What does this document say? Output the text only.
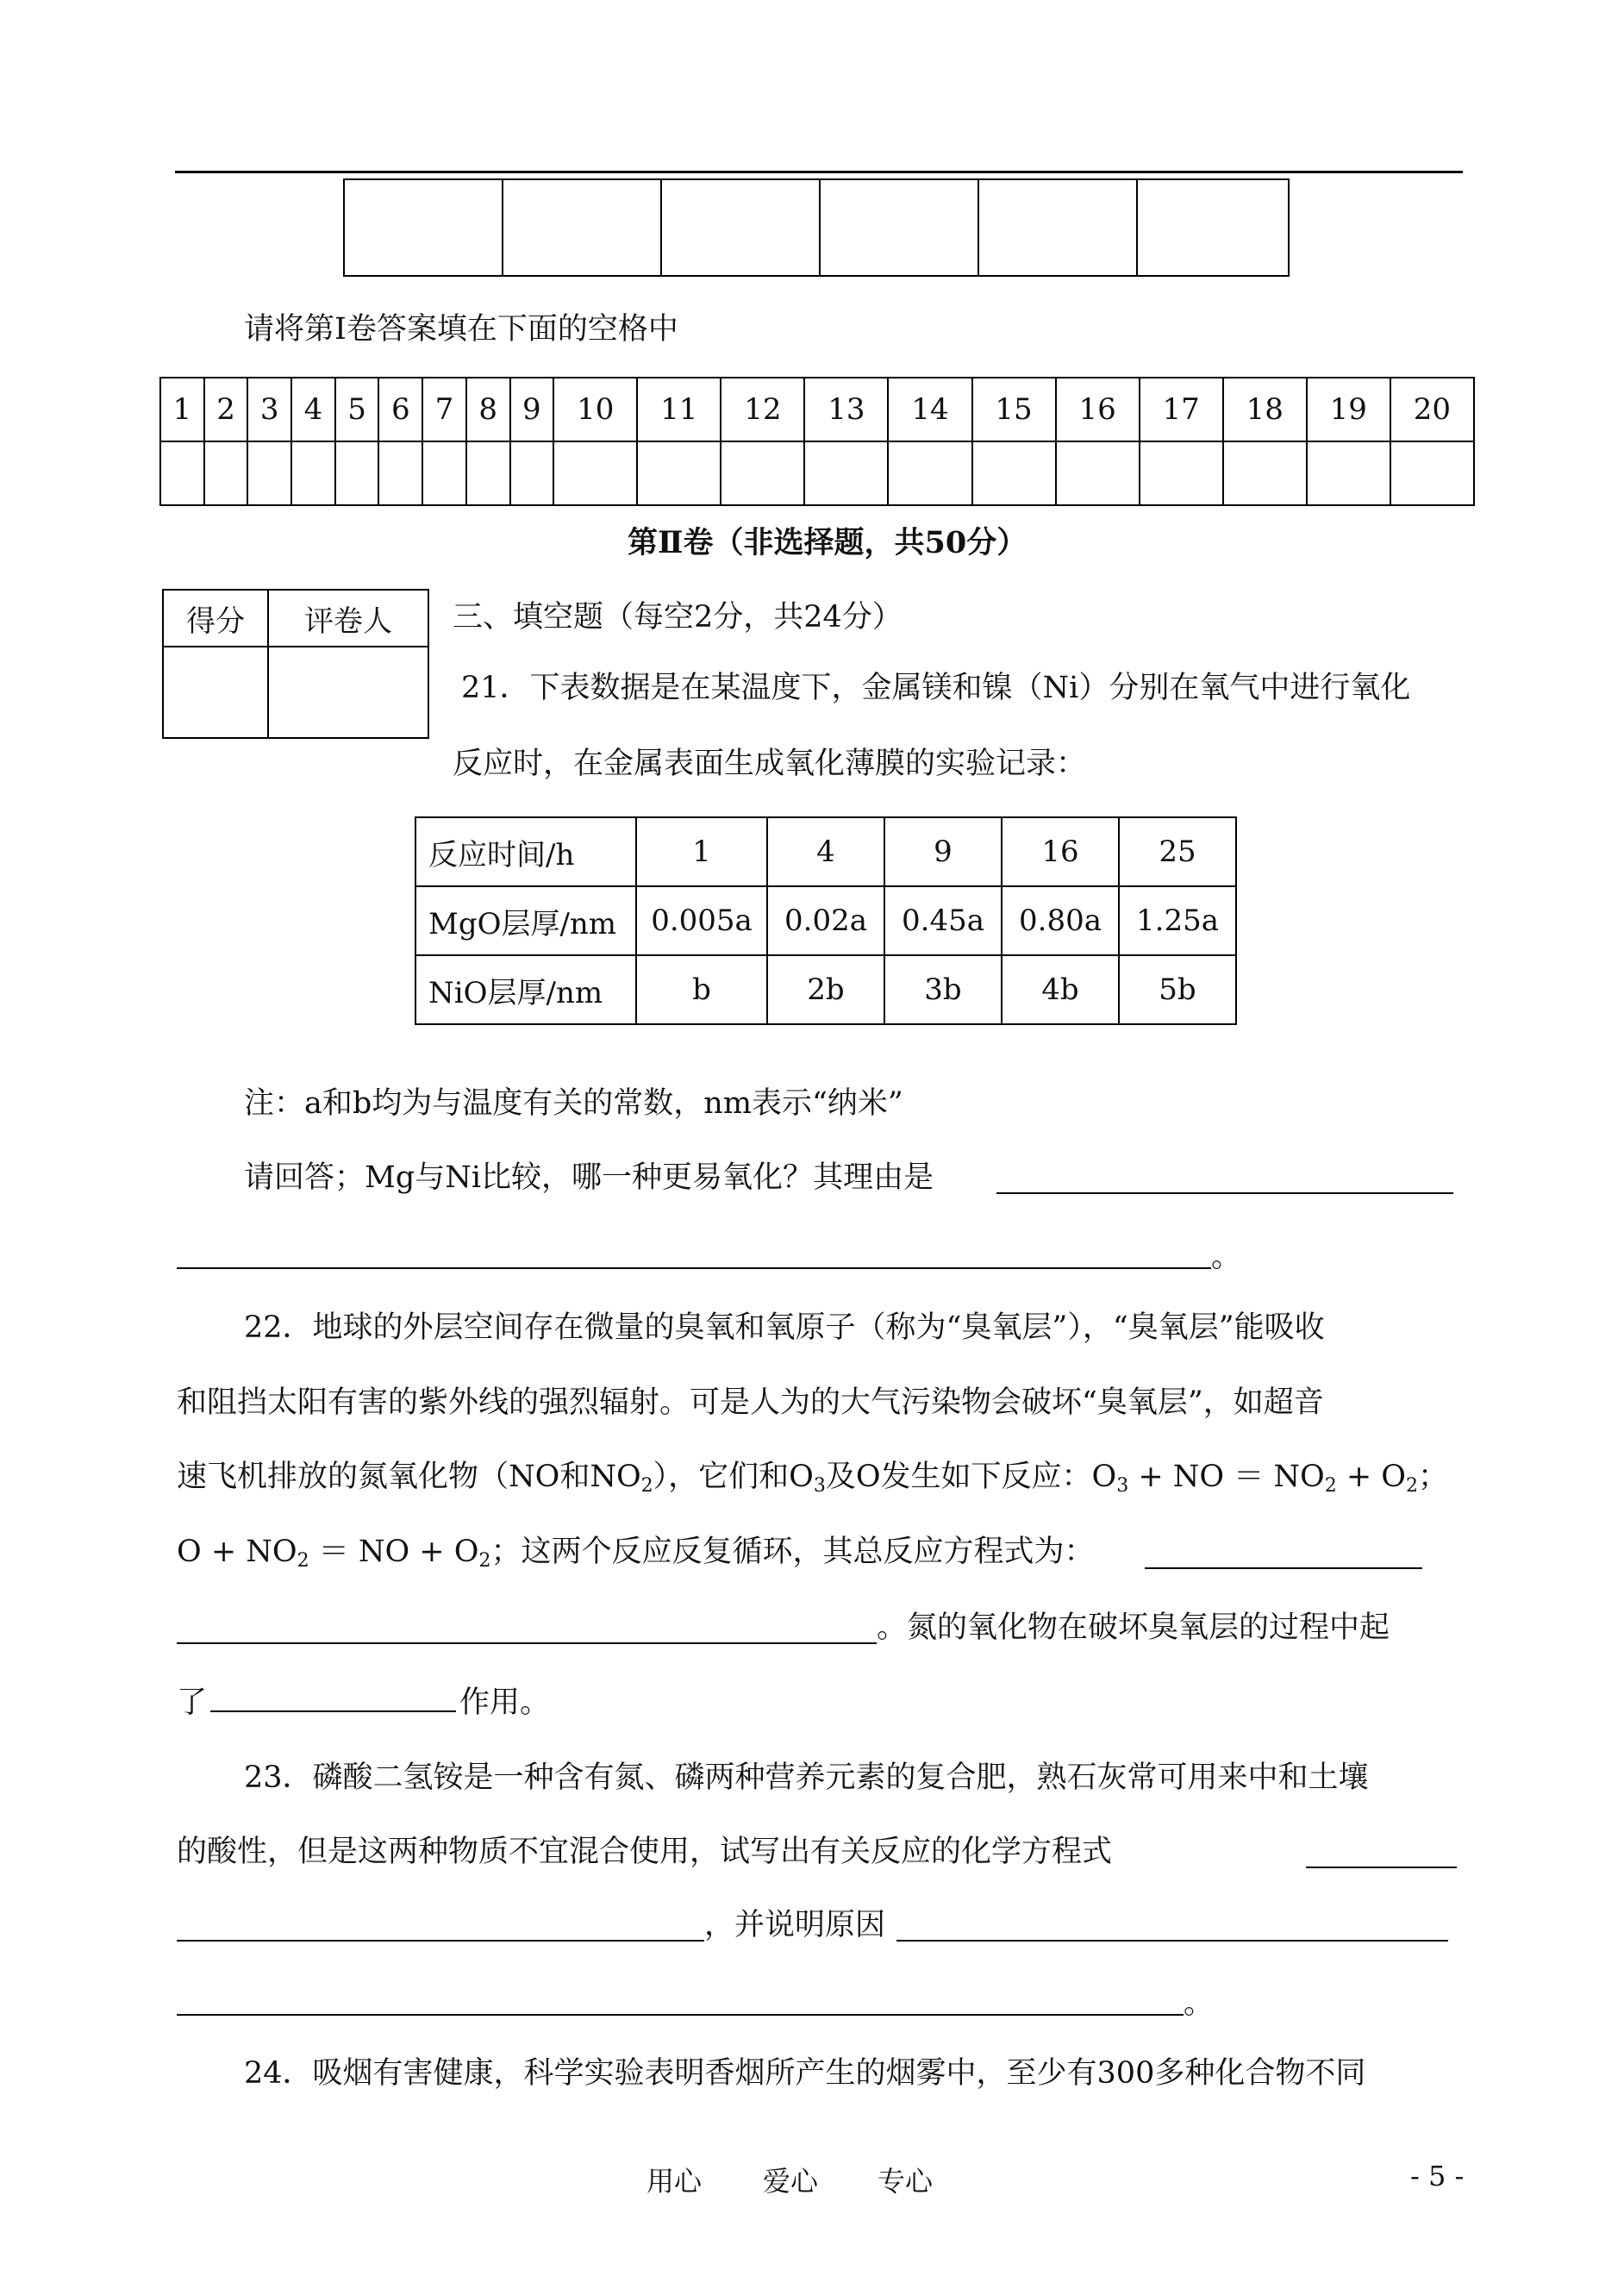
请将第Ⅰ卷答案填在下面的空格中
1	2	3	4	5	6	7	8	9	10	11	12	13	14	15	16	17	18	19	20

第Ⅱ卷（非选择题，共50分）
得分	评卷人
	三、填空题（每空2分，共24分）
21．下表数据是在某温度下，金属镁和镍（Ni）分别在氧气中进行氧化
反应时，在金属表面生成氧化薄膜的实验记录：
反应时间/h	1	4	9	16	25
MgO层厚/nm	0.005a	0.02a	0.45a	0.80a	1.25a
NiO层厚/nm	b	2b	3b	4b	5b
注：a和b均为与温度有关的常数，nm表示“纳米”
请回答；Mg与Ni比较，哪一种更易氧化？其理由是
。
22．地球的外层空间存在微量的臭氧和氧原子（称为“臭氧层”），“臭氧层”能吸收
和阻挡太阳有害的紫外线的强烈辐射。可是人为的大气污染物会破坏“臭氧层”，如超音
速飞机排放的氮氧化物（NO和$NO_2$），它们和$O_3$及O发生如下反应：$O_3$ + NO ＝ $NO_2 + O_2$；
$O + NO_2$ ＝ NO + $O_2$；这两个反应反复循环，其总反应方程式为：
。氮的氧化物在破坏臭氧层的过程中起
了	作用。
23．磷酸二氢铵是一种含有氮、磷两种营养元素的复合肥，熟石灰常可用来中和土壤
的酸性，但是这两种物质不宜混合使用，试写出有关反应的化学方程式
，并说明原因
。
24．吸烟有害健康，科学实验表明香烟所产生的烟雾中，至少有300多种化合物不同
用心 爱心 专心	- 5 -
